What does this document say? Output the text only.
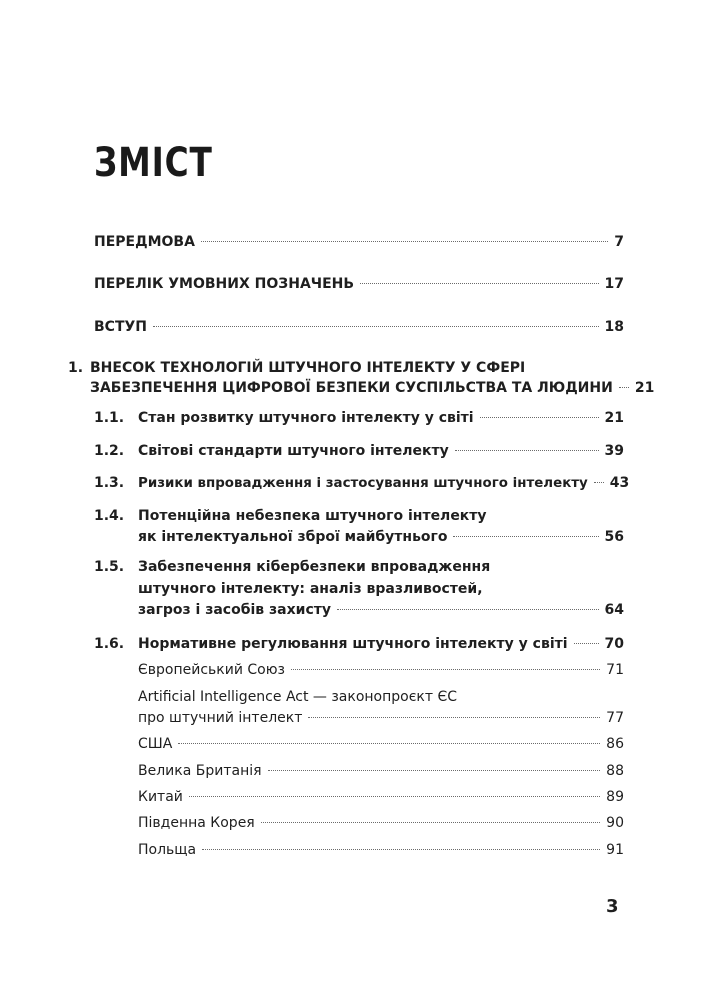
ЗМІСТ
ПЕРЕДМОВА	7
ПЕРЕЛІК УМОВНИХ ПОЗНАЧЕНЬ	17
ВСТУП	18
1. ВНЕСОК ТЕХНОЛОГІЙ ШТУЧНОГО ІНТЕЛЕКТУ У СФЕРІ
ЗАБЕЗПЕЧЕННЯ ЦИФРОВОЇ БЕЗПЕКИ СУСПІЛЬСТВА ТА ЛЮДИНИ 21
1.1. Стан розвитку штучного інтелекту у світі	21
1.2. Світові стандарти штучного інтелекту	39
1.3. Ризики впровадження і застосування штучного інтелекту 43
1.4. Потенційна небезпека штучного інтелекту
як інтелектуальної зброї майбутнього	56
1.5. Забезпечення кібербезпеки впровадження
штучного інтелекту: аналіз вразливостей,
загроз і засобів захисту	64
1.6. Нормативне регулювання штучного інтелекту у світі	70
Європейський Союз	71
Artificial Intelligence Act — законопроєкт ЄС
про штучний інтелект	77
США	86
Велика Британія	88
Китай	89
Південна Корея	90
Польща	91
3
